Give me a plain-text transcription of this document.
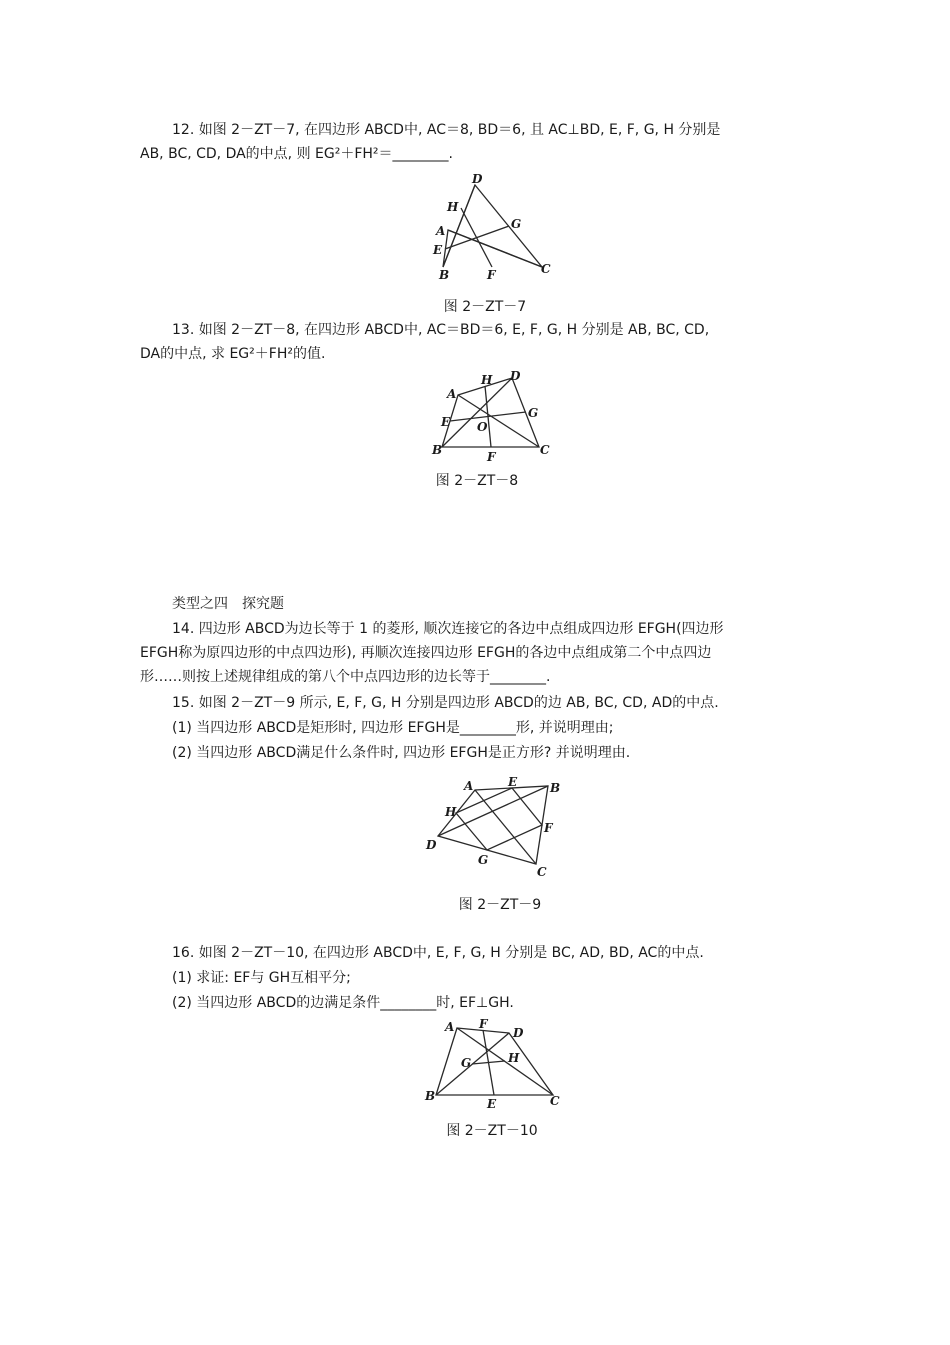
12. 如图 2－ZT－7, 在四边形 ABCD中, AC＝8, BD＝6, 且 AC⊥BD, E, F, G, H 分别是
AB, BC, CD, DA的中点, 则 EG²＋FH²＝________.
D
H
G
A
E
B	F	C
图 2－ZT－7
13. 如图 2－ZT－8, 在四边形 ABCD中, AC＝BD＝6, E, F, G, H 分别是 AB, BC, CD,
DA的中点, 求 EG²＋FH²的值.
H D
A
G
E O
B	C
F
图 2－ZT－8
类型之四　探究题
14. 四边形 ABCD为边长等于 1 的菱形, 顺次连接它的各边中点组成四边形 EFGH(四边形
EFGH称为原四边形的中点四边形), 再顺次连接四边形 EFGH的各边中点组成第二个中点四边
形……则按上述规律组成的第八个中点四边形的边长等于________.
15. 如图 2－ZT－9 所示, E, F, G, H 分别是四边形 ABCD的边 AB, BC, CD, AD的中点.
(1) 当四边形 ABCD是矩形时, 四边形 EFGH是________形, 并说明理由;
(2) 当四边形 ABCD满足什么条件时, 四边形 EFGH是正方形? 并说明理由.
A	E	B
H
F
D
G
C
图 2－ZT－9
16. 如图 2－ZT－10, 在四边形 ABCD中, E, F, G, H 分别是 BC, AD, BD, AC的中点.
(1) 求证: EF与 GH互相平分;
(2) 当四边形 ABCD的边满足条件________时, EF⊥GH.
A F
D
G	H
B	C
E
图 2－ZT－10
